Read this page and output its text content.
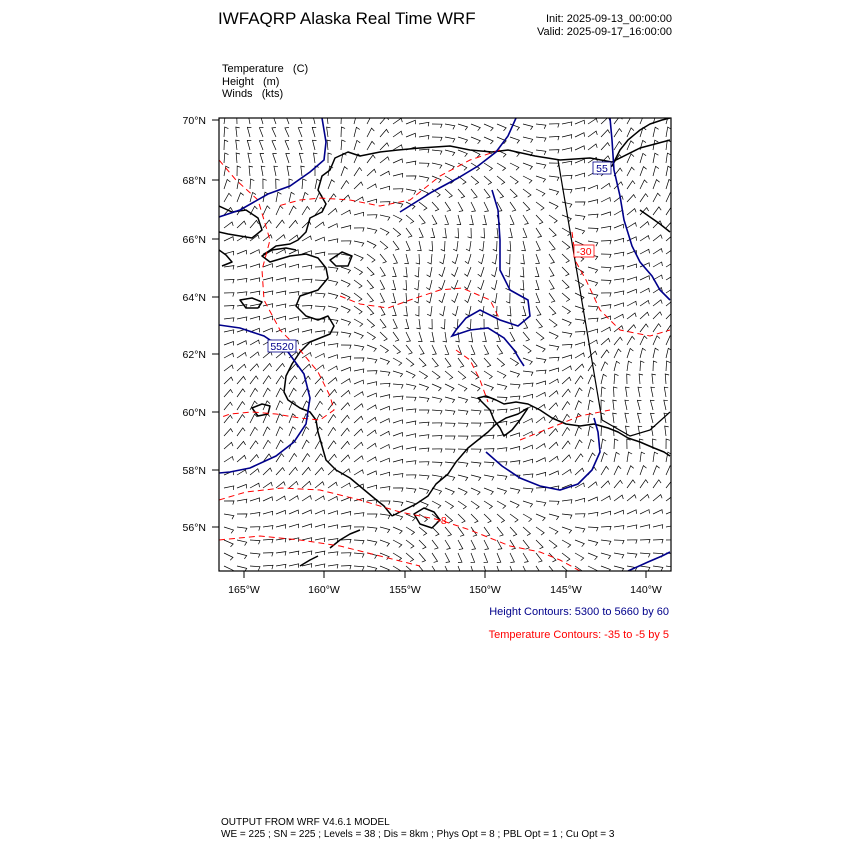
IWFAQRP Alaska Real Time WRF	Init: 2025-09-13_00:00:00
Valid: 2025-09-17_16:00:00
Temperature   (C)
Height   (m)
Winds   (kts)
5520
55
-30
-8
70°N
68°N
66°N
64°N
62°N
60°N
58°N
56°N
165°W	160°W	155°W	150°W	145°W	140°W
Height Contours: 5300 to 5660 by 60
Temperature Contours: -35 to -5 by 5
OUTPUT FROM WRF V4.6.1 MODEL
WE = 225 ; SN = 225 ; Levels = 38 ; Dis = 8km ; Phys Opt = 8 ; PBL Opt = 1 ; Cu Opt = 3
